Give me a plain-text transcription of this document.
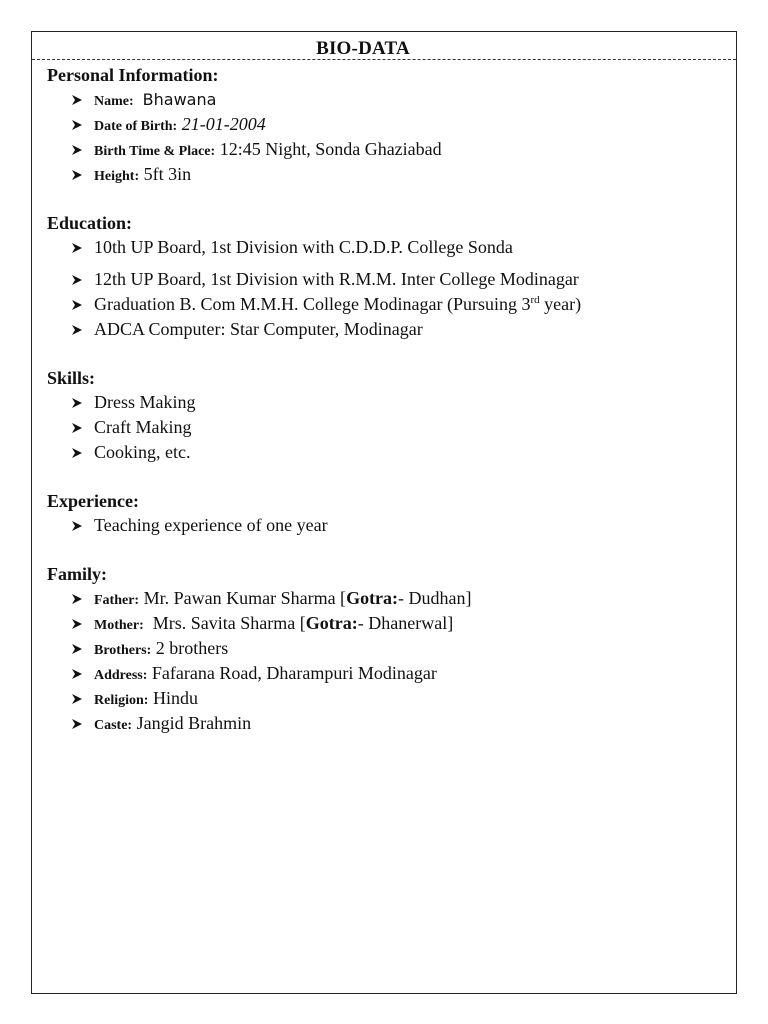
BIO-DATA
Personal Information:
Name: Bhawana
Date of Birth: 21-01-2004
Birth Time & Place: 12:45 Night, Sonda Ghaziabad
Height: 5ft 3in
Education:
10th UP Board, 1st Division with C.D.D.P. College Sonda
12th UP Board, 1st Division with R.M.M. Inter College Modinagar
Graduation B. Com M.M.H. College Modinagar (Pursuing 3rd year)
ADCA Computer: Star Computer, Modinagar
Skills:
Dress Making
Craft Making
Cooking, etc.
Experience:
Teaching experience of one year
Family:
Father: Mr. Pawan Kumar Sharma [Gotra:- Dudhan]
Mother:  Mrs. Savita Sharma [Gotra:- Dhanerwal]
Brothers: 2 brothers
Address: Fafarana Road, Dharampuri Modinagar
Religion: Hindu
Caste: Jangid Brahmin
